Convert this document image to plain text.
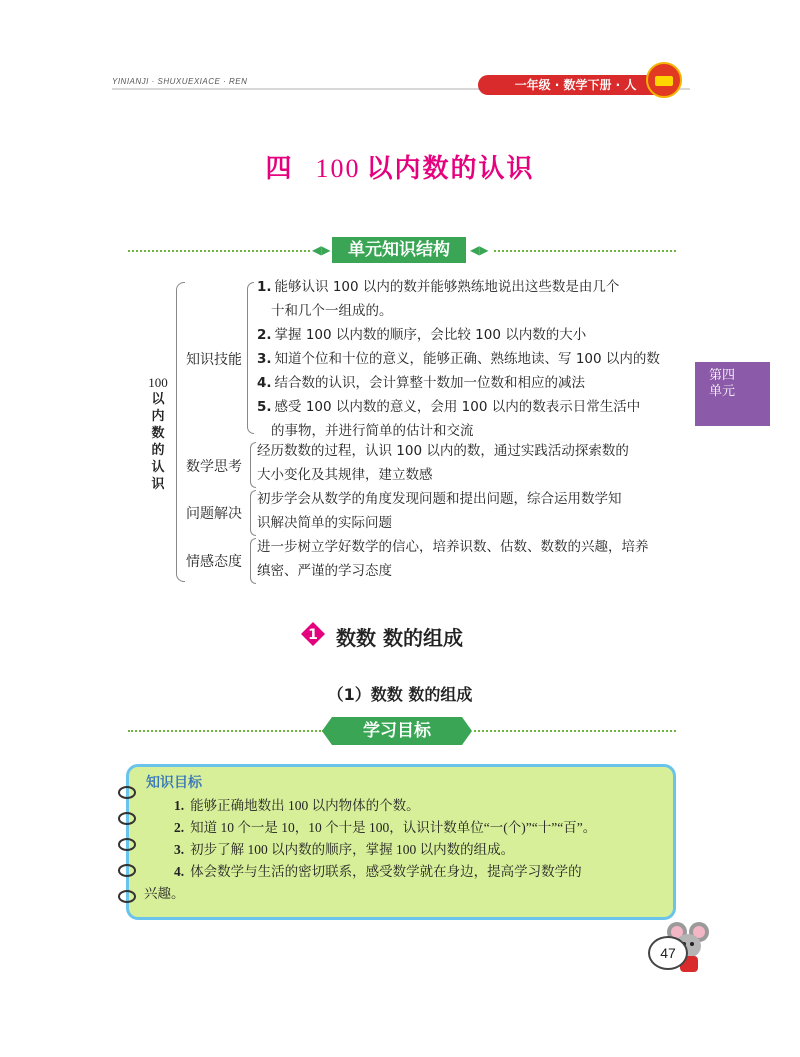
YINIANJI · SHUXUEXIACE · REN	一年级 · 数学下册 · 人
四 100 以内数的认识
◀▶	单元知识结构	◀▶
100
以
内
数
的
认
识
知识技能
1. 能够认识 100 以内的数并能够熟练地说出这些数是由几个
十和几个一组成的。
2. 掌握 100 以内数的顺序，会比较 100 以内数的大小
3. 知道个位和十位的意义，能够正确、熟练地读、写 100 以内的数
4. 结合数的认识，会计算整十数加一位数和相应的减法
5. 感受 100 以内数的意义，会用 100 以内的数表示日常生活中
的事物，并进行简单的估计和交流
数学思考
经历数数的过程，认识 100 以内的数，通过实践活动探索数的
大小变化及其规律，建立数感
问题解决
初步学会从数学的角度发现问题和提出问题，综合运用数学知
识解决简单的实际问题
情感态度
进一步树立学好数学的信心，培养识数、估数、数数的兴趣，培养
缜密、严谨的学习态度
第四
单元
1 数数 数的组成
（1）数数 数的组成
学习目标
知识目标
1. 能够正确地数出 100 以内物体的个数。
2. 知道 10 个一是 10，10 个十是 100，认识计数单位“一(个)”“十”“百”。
3. 初步了解 100 以内数的顺序，掌握 100 以内数的组成。
4. 体会数学与生活的密切联系，感受数学就在身边，提高学习数学的
兴趣。
47
